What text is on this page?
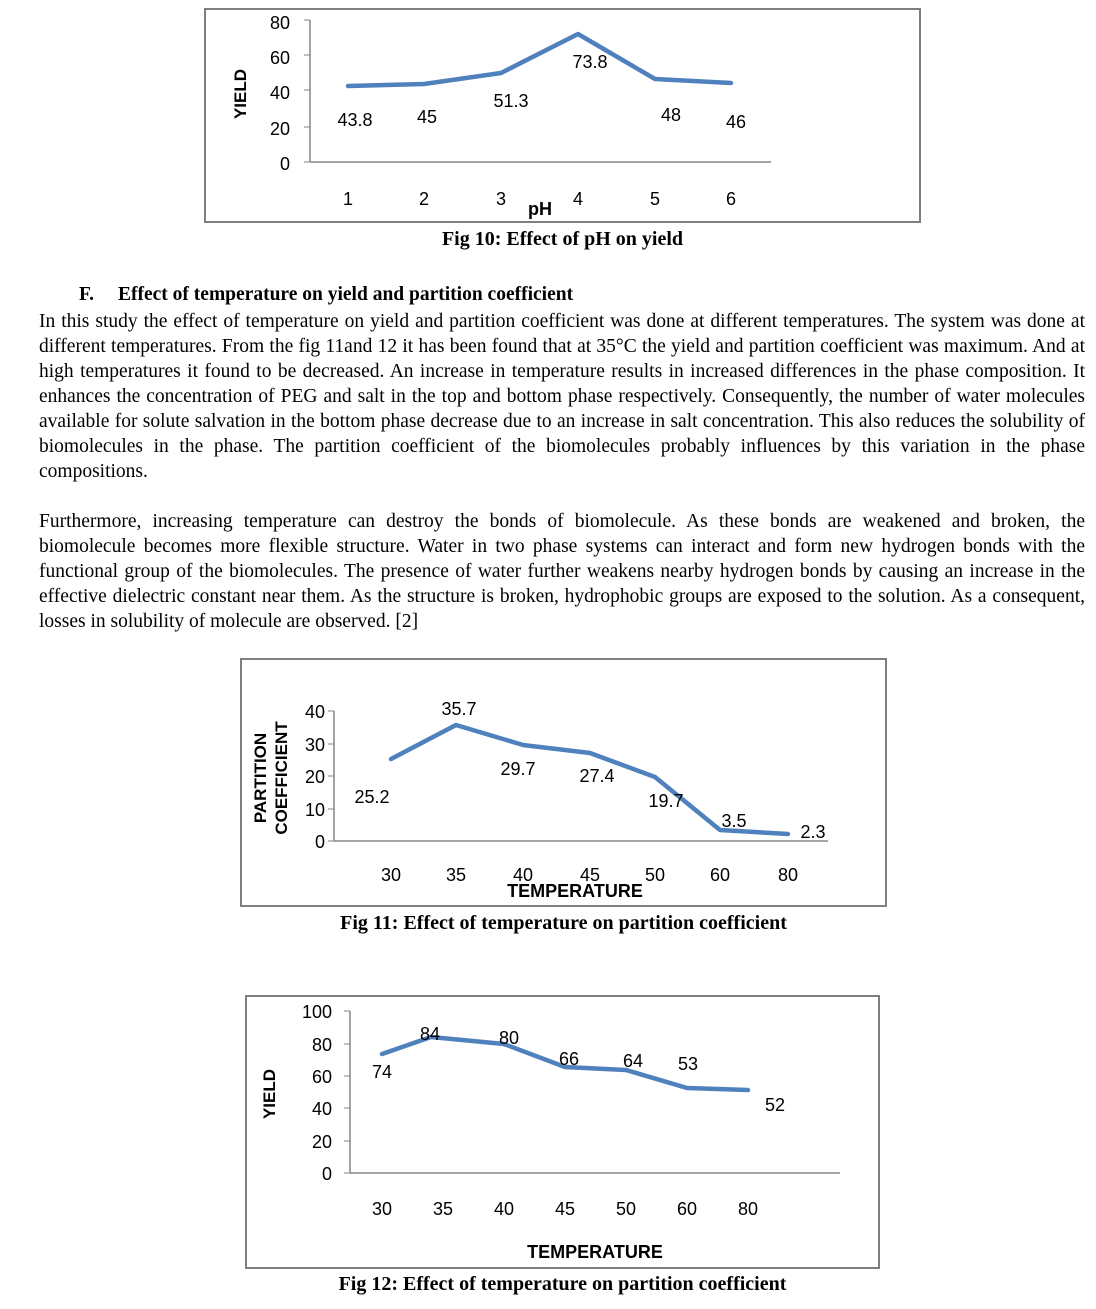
80
60
40
20
0
YIELD
43.8 45
51.3
73.8
48 46
1	2	3	4	5	6
pH
Fig 10: Effect of pH on yield
F. Effect of temperature on yield and partition coefficient

In this study the effect of temperature on yield and partition coefficient was done at different temperatures. The system was done at different temperatures. From the fig 11and 12 it has been found that at 35°C the yield and partition coefficient was maximum. And at high temperatures it found to be decreased. An increase in temperature results in increased differences in the phase composition. It enhances the concentration of PEG and salt in the top and bottom phase respectively. Consequently, the number of water molecules available for solute salvation in the bottom phase decrease due to an increase in salt concentration. This also reduces the solubility of biomolecules in the phase. The partition coefficient of the biomolecules probably influences by this variation in the phase compositions.

Furthermore, increasing temperature can destroy the bonds of biomolecule. As these bonds are weakened and broken, the biomolecule becomes more flexible structure. Water in two phase systems can interact and form new hydrogen bonds with the functional group of the biomolecules. The presence of water further weakens nearby hydrogen bonds by causing an increase in the effective dielectric constant near them. As the structure is broken, hydrophobic groups are exposed to the solution. As a consequent, losses in solubility of molecule are observed. [2]

40
30
20
10
0
PARTITION COEFFICIENT	25.2
35.7
29.7 27.4
19.7
3.5
2.3
30 35	40	45 50 60	80
TEMPERATURE
Fig 11: Effect of temperature on partition coefficient
100
80
60
40
20
0
YIELD	74
84	80
66 64 53
52
30 35 40 45 50 60 80
TEMPERATURE
Fig 12: Effect of temperature on partition coefficient
